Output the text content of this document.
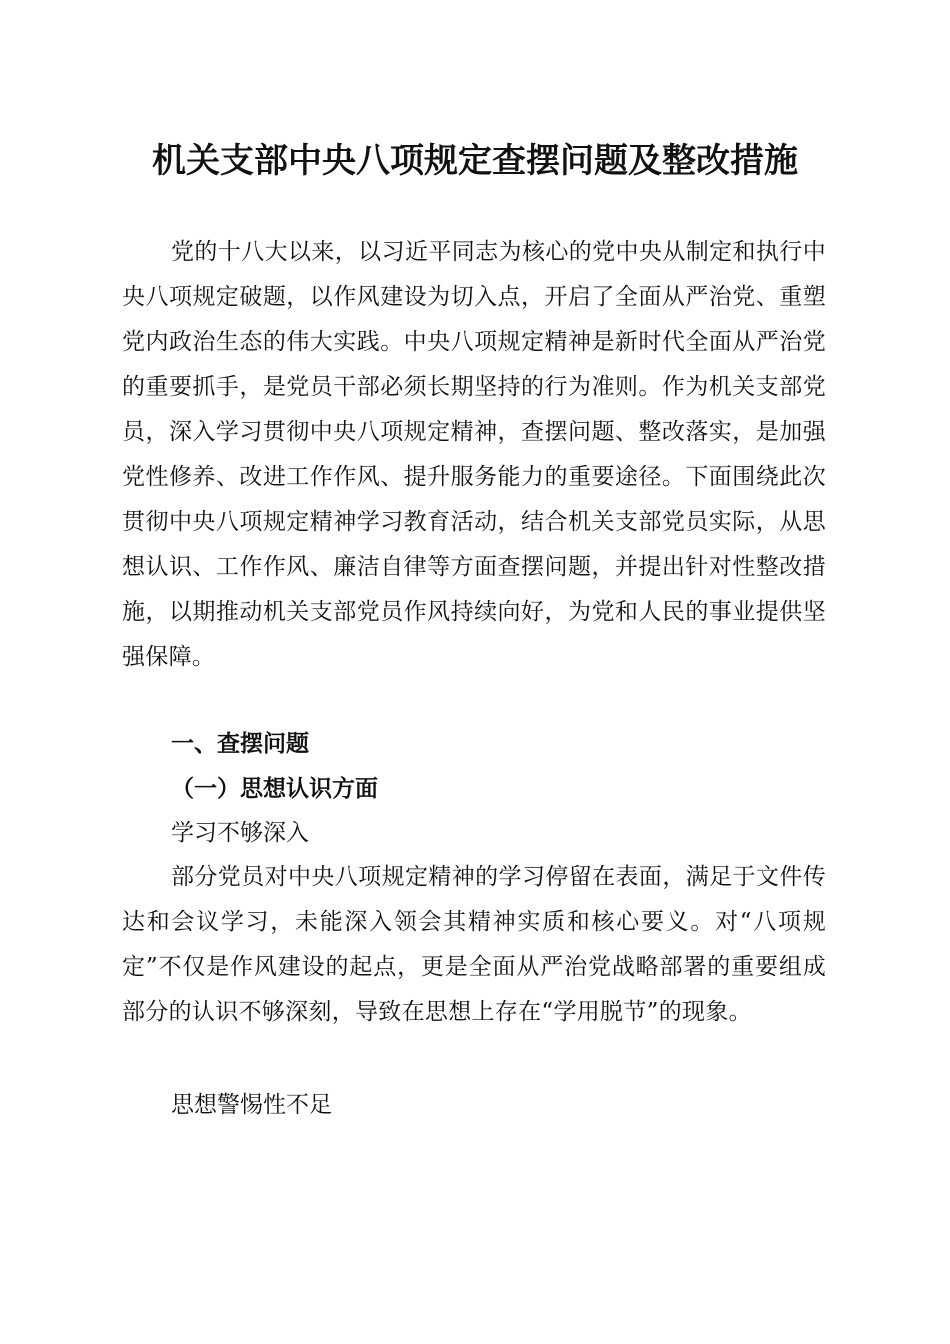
机关支部中央八项规定查摆问题及整改措施

党的十八大以来，以习近平同志为核心的党中央从制定和执行中央八项规定破题，以作风建设为切入点，开启了全面从严治党、重塑党内政治生态的伟大实践。中央八项规定精神是新时代全面从严治党的重要抓手，是党员干部必须长期坚持的行为准则。作为机关支部党员，深入学习贯彻中央八项规定精神，查摆问题、整改落实，是加强党性修养、改进工作作风、提升服务能力的重要途径。下面围绕此次贯彻中央八项规定精神学习教育活动，结合机关支部党员实际，从思想认识、工作作风、廉洁自律等方面查摆问题，并提出针对性整改措施，以期推动机关支部党员作风持续向好，为党和人民的事业提供坚强保障。

一、查摆问题
（一）思想认识方面

学习不够深入

部分党员对中央八项规定精神的学习停留在表面，满足于文件传达和会议学习，未能深入领会其精神实质和核心要义。对“八项规定”不仅是作风建设的起点，更是全面从严治党战略部署的重要组成部分的认识不够深刻，导致在思想上存在“学用脱节”的现象。

思想警惕性不足
